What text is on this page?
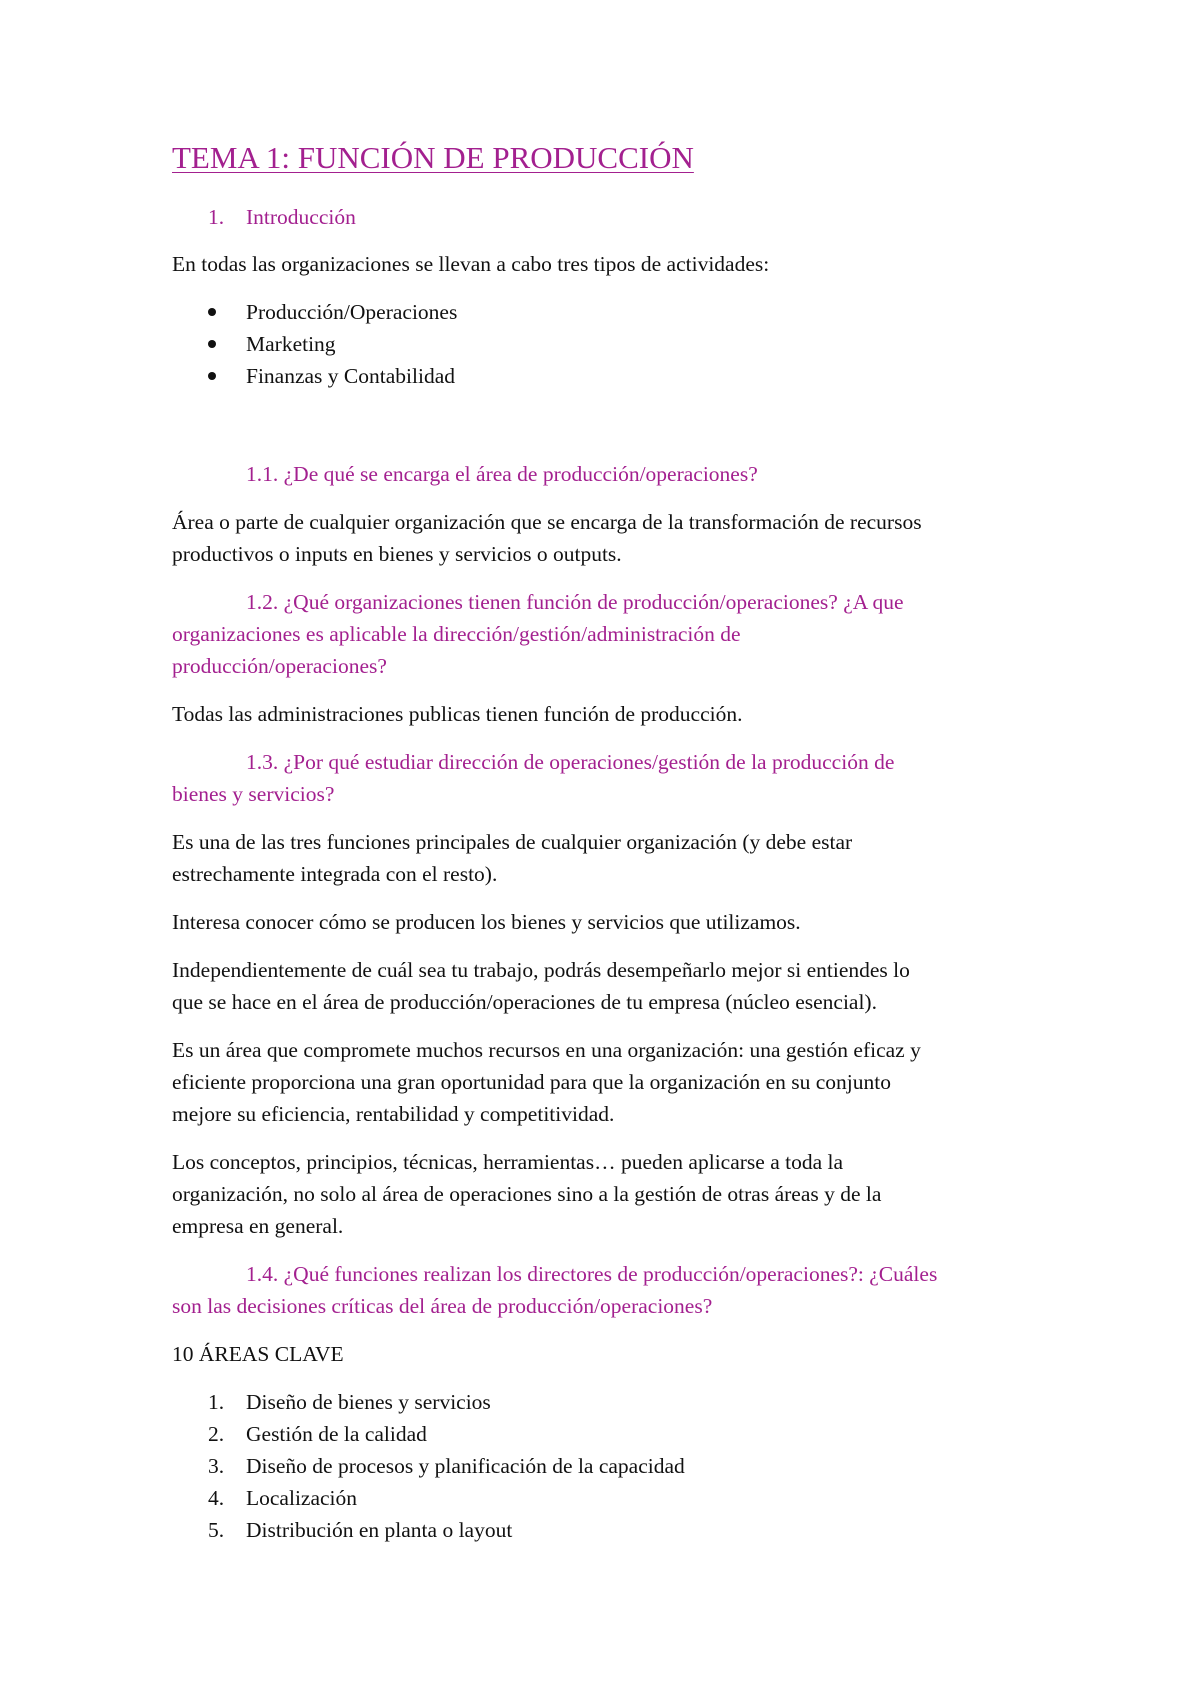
TEMA 1: FUNCIÓN DE PRODUCCIÓN
1. Introducción

En todas las organizaciones se llevan a cabo tres tipos de actividades:

Producción/Operaciones

Marketing

Finanzas y Contabilidad

1.1. ¿De qué se encarga el área de producción/operaciones?

Área o parte de cualquier organización que se encarga de la transformación de recursos

productivos o inputs en bienes y servicios o outputs.

1.2. ¿Qué organizaciones tienen función de producción/operaciones? ¿A que

organizaciones es aplicable la dirección/gestión/administración de

producción/operaciones?

Todas las administraciones publicas tienen función de producción.

1.3. ¿Por qué estudiar dirección de operaciones/gestión de la producción de

bienes y servicios?

Es una de las tres funciones principales de cualquier organización (y debe estar

estrechamente integrada con el resto).

Interesa conocer cómo se producen los bienes y servicios que utilizamos.

Independientemente de cuál sea tu trabajo, podrás desempeñarlo mejor si entiendes lo

que se hace en el área de producción/operaciones de tu empresa (núcleo esencial).

Es un área que compromete muchos recursos en una organización: una gestión eficaz y

eficiente proporciona una gran oportunidad para que la organización en su conjunto

mejore su eficiencia, rentabilidad y competitividad.

Los conceptos, principios, técnicas, herramientas… pueden aplicarse a toda la

organización, no solo al área de operaciones sino a la gestión de otras áreas y de la

empresa en general.

1.4. ¿Qué funciones realizan los directores de producción/operaciones?: ¿Cuáles

son las decisiones críticas del área de producción/operaciones?

10 ÁREAS CLAVE

1. Diseño de bienes y servicios

2. Gestión de la calidad

3. Diseño de procesos y planificación de la capacidad

4. Localización

5. Distribución en planta o layout
